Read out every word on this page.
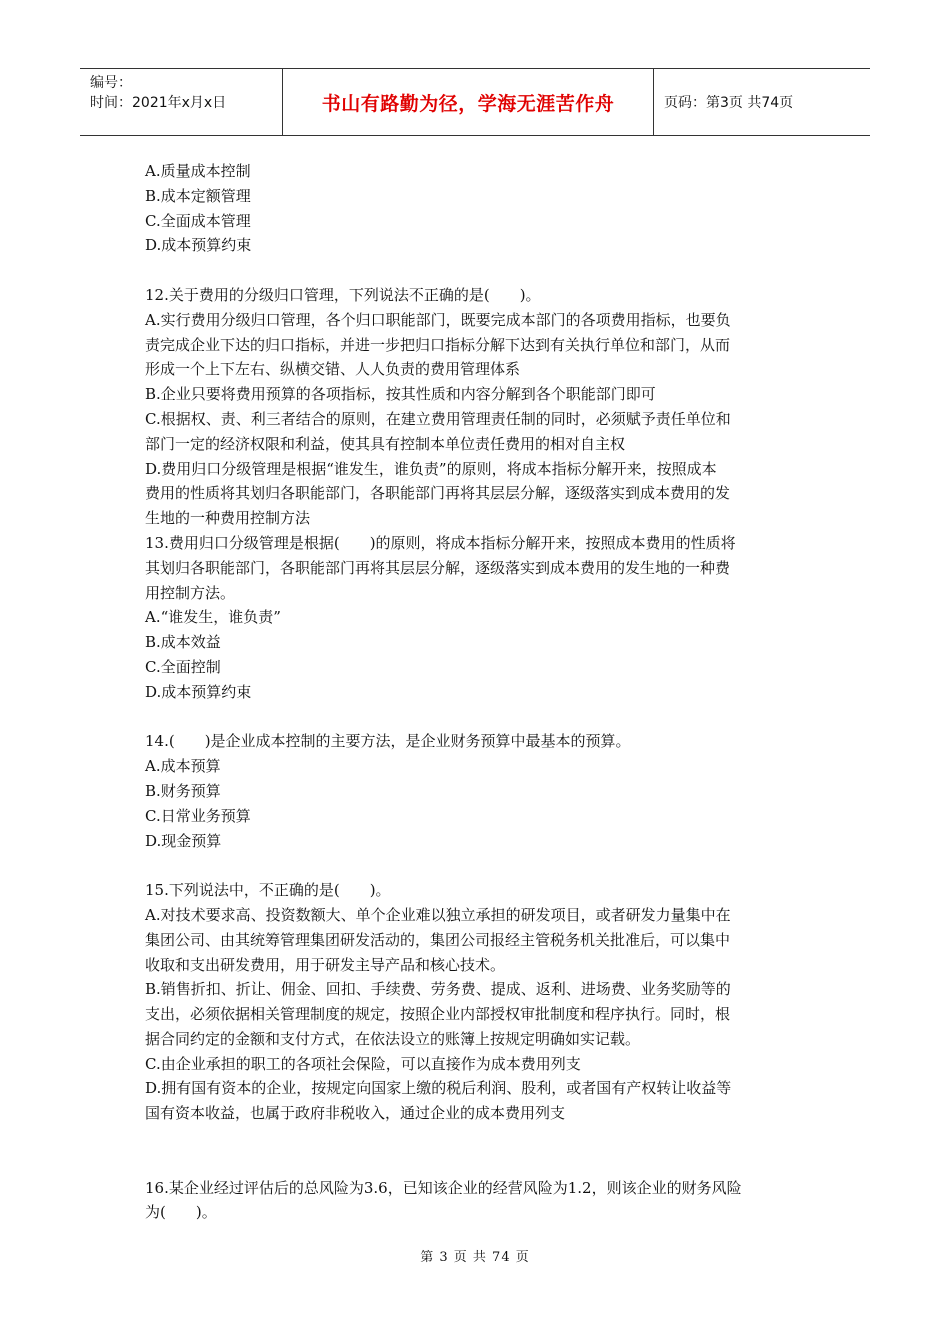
编号：
时间：2021年x月x日	书山有路勤为径，学海无涯苦作舟	页码：第3页 共74页
A.质量成本控制
B.成本定额管理
C.全面成本管理
D.成本预算约束
12.关于费用的分级归口管理，下列说法不正确的是(　　)。
A.实行费用分级归口管理，各个归口职能部门，既要完成本部门的各项费用指标，也要负
责完成企业下达的归口指标，并进一步把归口指标分解下达到有关执行单位和部门，从而
形成一个上下左右、纵横交错、人人负责的费用管理体系
B.企业只要将费用预算的各项指标，按其性质和内容分解到各个职能部门即可
C.根据权、责、利三者结合的原则，在建立费用管理责任制的同时，必须赋予责任单位和
部门一定的经济权限和利益，使其具有控制本单位责任费用的相对自主权
D.费用归口分级管理是根据“谁发生，谁负责”的原则，将成本指标分解开来，按照成本
费用的性质将其划归各职能部门，各职能部门再将其层层分解，逐级落实到成本费用的发
生地的一种费用控制方法
13.费用归口分级管理是根据(　　)的原则，将成本指标分解开来，按照成本费用的性质将
其划归各职能部门，各职能部门再将其层层分解，逐级落实到成本费用的发生地的一种费
用控制方法。
A.“谁发生，谁负责”
B.成本效益
C.全面控制
D.成本预算约束
14.(　　)是企业成本控制的主要方法，是企业财务预算中最基本的预算。
A.成本预算
B.财务预算
C.日常业务预算
D.现金预算
15.下列说法中，不正确的是(　　)。
A.对技术要求高、投资数额大、单个企业难以独立承担的研发项目，或者研发力量集中在
集团公司、由其统筹管理集团研发活动的，集团公司报经主管税务机关批准后，可以集中
收取和支出研发费用，用于研发主导产品和核心技术。
B.销售折扣、折让、佣金、回扣、手续费、劳务费、提成、返利、进场费、业务奖励等的
支出，必须依据相关管理制度的规定，按照企业内部授权审批制度和程序执行。同时，根
据合同约定的金额和支付方式，在依法设立的账簿上按规定明确如实记载。
C.由企业承担的职工的各项社会保险，可以直接作为成本费用列支
D.拥有国有资本的企业，按规定向国家上缴的税后利润、股利，或者国有产权转让收益等
国有资本收益，也属于政府非税收入，通过企业的成本费用列支
16.某企业经过评估后的总风险为3.6，已知该企业的经营风险为1.2，则该企业的财务风险
为(　　)。
第 3 页 共 74 页
